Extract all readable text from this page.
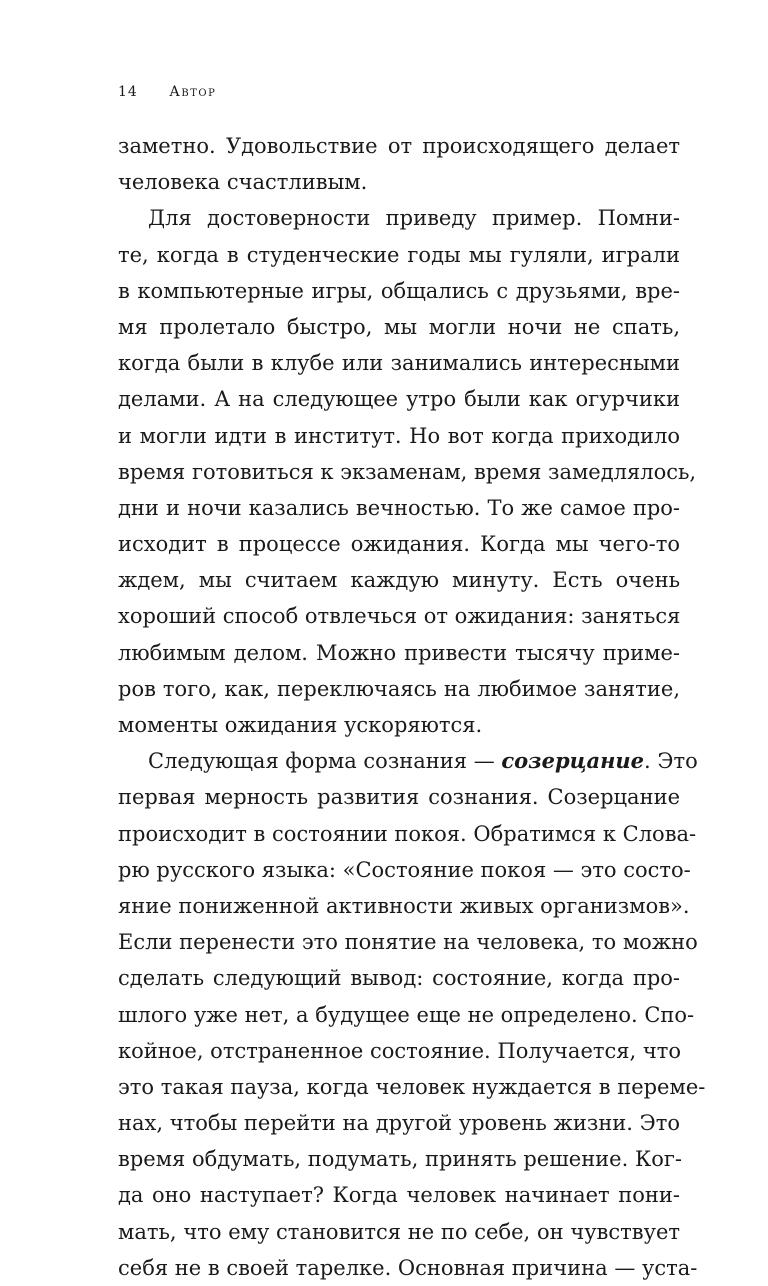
14 Автор
заметно. Удовольствие от происходящего делает
человека счастливым.
Для достоверности приведу пример. Помни-
те, когда в студенческие годы мы гуляли, играли
в компьютерные игры, общались с друзьями, вре-
мя пролетало быстро, мы могли ночи не спать,
когда были в клубе или занимались интересными
делами. А на следующее утро были как огурчики
и могли идти в институт. Но вот когда приходило
время готовиться к экзаменам, время замедлялось,
дни и ночи казались вечностью. То же самое про-
исходит в процессе ожидания. Когда мы чего-то
ждем, мы считаем каждую минуту. Есть очень
хороший способ отвлечься от ожидания: заняться
любимым делом. Можно привести тысячу приме-
ров того, как, переключаясь на любимое занятие,
моменты ожидания ускоряются.
Следующая форма сознания — созерцание. Это
первая мерность развития сознания. Созерцание
происходит в состоянии покоя. Обратимся к Слова-
рю русского языка: «Состояние покоя — это состо-
яние пониженной активности живых организмов».
Если перенести это понятие на человека, то можно
сделать следующий вывод: состояние, когда про-
шлого уже нет, а будущее еще не определено. Спо-
койное, отстраненное состояние. Получается, что
это такая пауза, когда человек нуждается в переме-
нах, чтобы перейти на другой уровень жизни. Это
время обдумать, подумать, принять решение. Ког-
да оно наступает? Когда человек начинает пони-
мать, что ему становится не по себе, он чувствует
себя не в своей тарелке. Основная причина — уста-
